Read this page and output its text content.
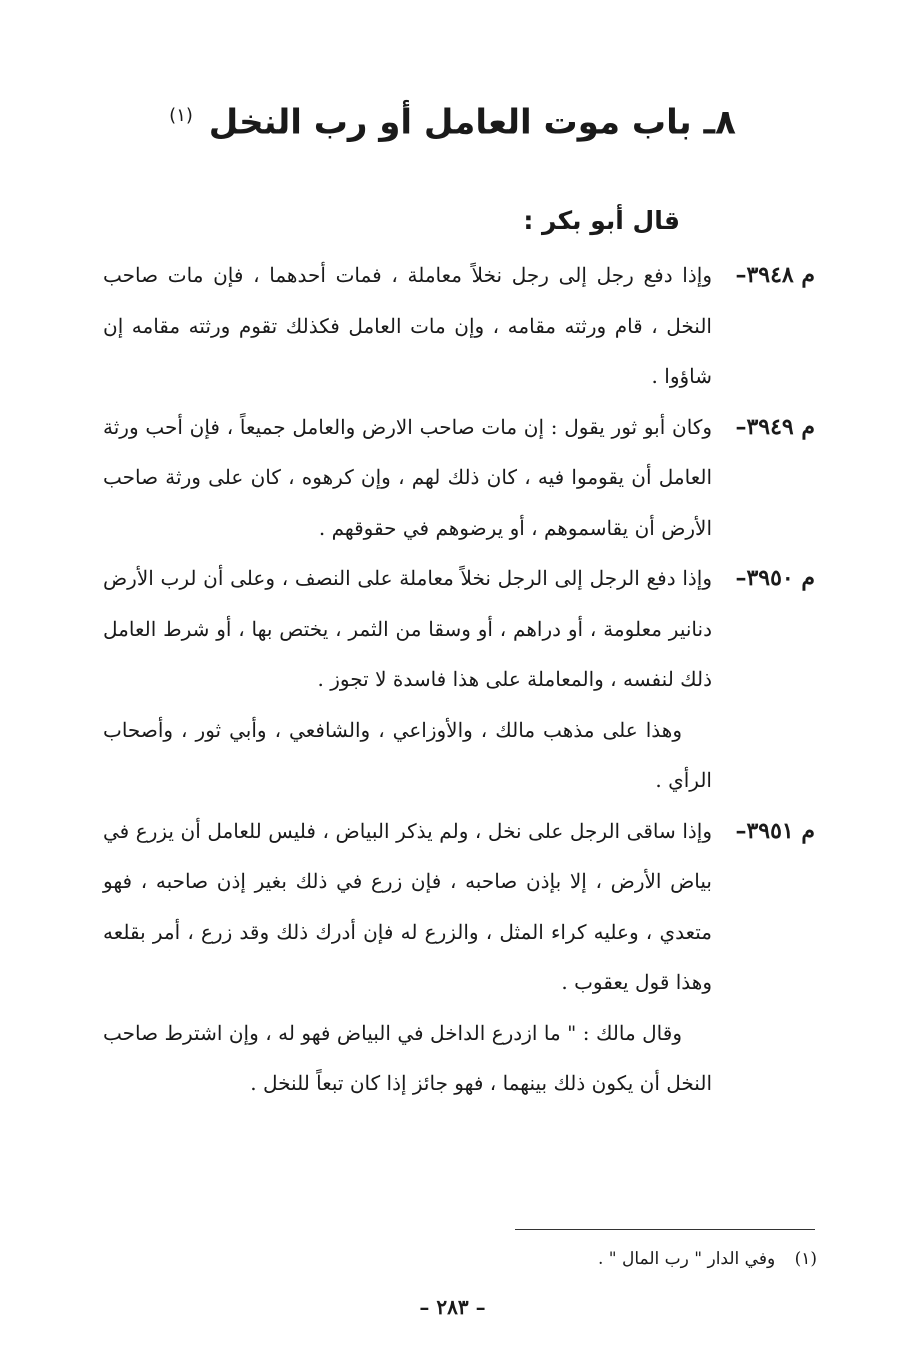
٨ـ باب موت العامل أو رب النخل $^{(١)}$
قال أبو بكر :

م ٣٩٤٨–
وإذا دفع رجل إلى رجل نخلاً معاملة ، فمات أحدهما ، فإن مات صاحب النخل ، قام ورثته مقامه ، وإن مات العامل فكذلك تقوم ورثته مقامه إن شاؤوا .

م ٣٩٤٩–
وكان أبو ثور يقول : إن مات صاحب الارض والعامل جميعاً ، فإن أحب ورثة العامل أن يقوموا فيه ، كان ذلك لهم ، وإن كرهوه ، كان على ورثة صاحب الأرض أن يقاسموهم ، أو يرضوهم في حقوقهم .

م ٣٩٥٠–
وإذا دفع الرجل إلى الرجل نخلاً معاملة على النصف ، وعلى أن لرب الأرض دنانير معلومة ، أو دراهم ، أو وسقا من الثمر ، يختص بها ، أو شرط العامل ذلك لنفسه ، والمعاملة على هذا فاسدة لا تجوز .

وهذا على مذهب مالك ، والأوزاعي ، والشافعي ، وأبي ثور ، وأصحاب الرأي .

م ٣٩٥١–
وإذا ساقى الرجل على نخل ، ولم يذكر البياض ، فليس للعامل أن يزرع في بياض الأرض ، إلا بإذن صاحبه ، فإن زرع في ذلك بغير إذن صاحبه ، فهو متعدي ، وعليه كراء المثل ، والزرع له فإن أدرك ذلك وقد زرع ، أمر بقلعه وهذا قول يعقوب .

وقال مالك : " ما ازدرع الداخل في البياض فهو له ، وإن اشترط صاحب النخل أن يكون ذلك بينهما ، فهو جائز إذا كان تبعاً للنخل .

(١) وفي الدار " رب المال " .
– ٢٨٣ –
